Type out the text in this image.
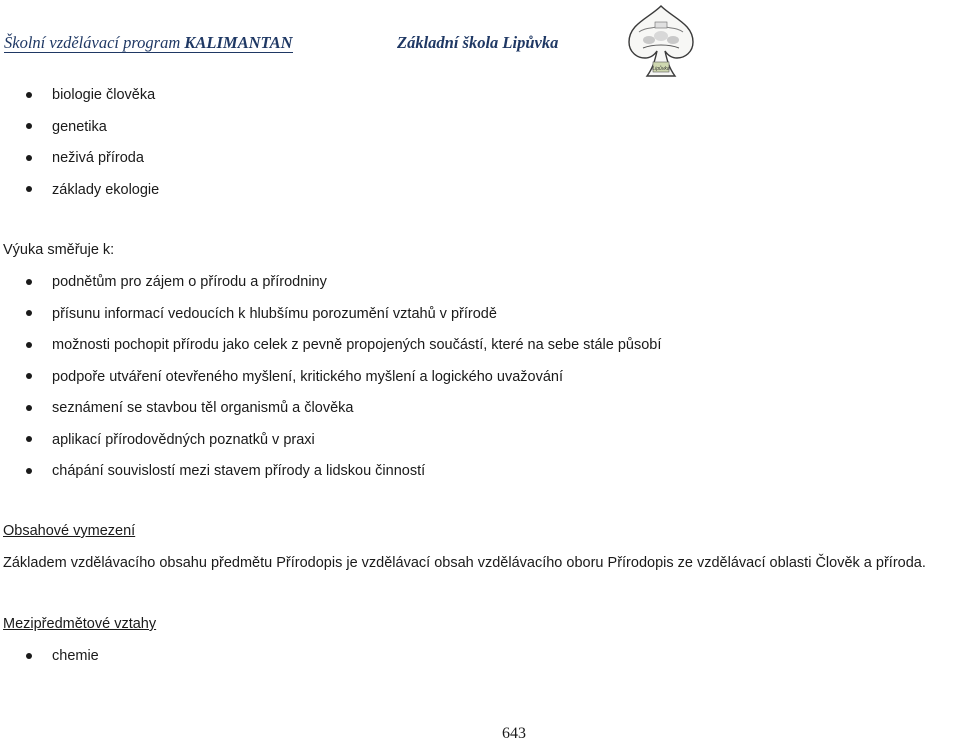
Školní vzdělávací program KALIMANTAN	Základní škola Lipůvka
Lipůvka
biologie člověka
genetika
neživá příroda
základy ekologie
Výuka směřuje k:
podnětům pro zájem o přírodu a přírodniny
přísunu informací vedoucích k hlubšímu porozumění vztahů v přírodě
možnosti pochopit přírodu jako celek z pevně propojených součástí, které na sebe stále působí
podpoře utváření otevřeného myšlení, kritického myšlení a logického uvažování
seznámení se stavbou těl organismů a člověka
aplikací přírodovědných poznatků v praxi
chápání souvislostí mezi stavem přírody a lidskou činností
Obsahové vymezení
Základem vzdělávacího obsahu předmětu Přírodopis je vzdělávací obsah vzdělávacího oboru Přírodopis ze vzdělávací oblasti Člověk a příroda.
Mezipředmětové vztahy
chemie
643
